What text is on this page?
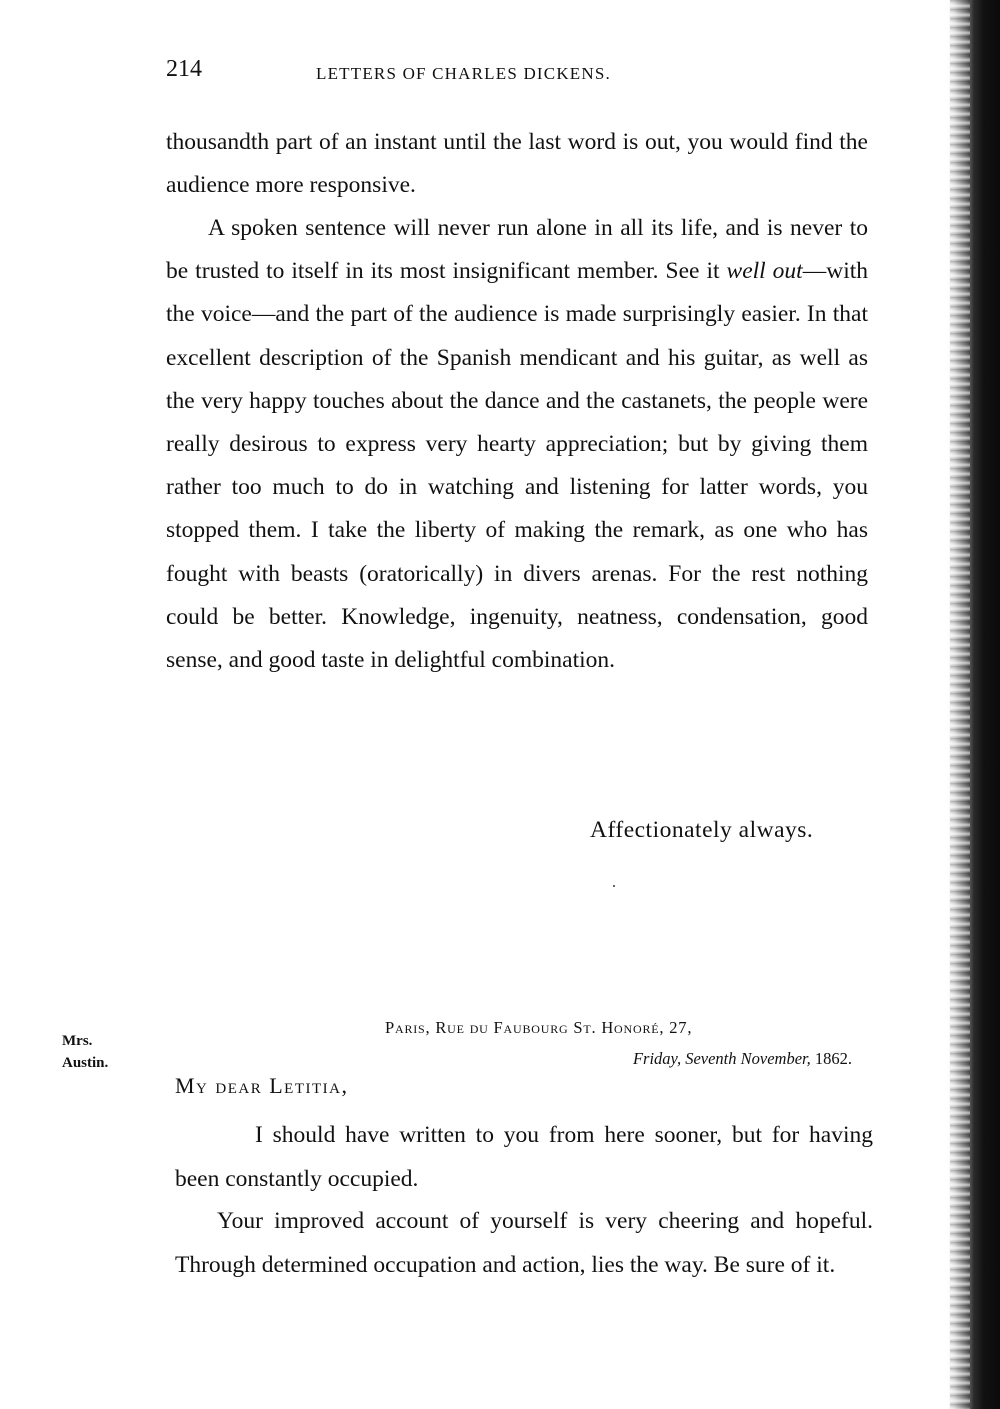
214	LETTERS OF CHARLES DICKENS.

thousandth part of an instant until the last word is out, you would find the audience more responsive.

A spoken sentence will never run alone in all its life, and is never to be trusted to itself in its most insignificant member. See it well out—with the voice—and the part of the audience is made surprisingly easier. In that excellent description of the Spanish mendicant and his guitar, as well as the very happy touches about the dance and the castanets, the people were really desirous to express very hearty appreciation; but by giving them rather too much to do in watching and listening for latter words, you stopped them. I take the liberty of making the remark, as one who has fought with beasts (oratorically) in divers arenas. For the rest nothing could be better. Knowledge, ingenuity, neatness, condensation, good sense, and good taste in delightful combination.

Affectionately always.
Mrs.
Austin.
Paris, Rue du Faubourg St. Honoré, 27,
Friday, Seventh November, 1862.
My dear Letitia,

I should have written to you from here sooner, but for having been constantly occupied.

Your improved account of yourself is very cheering and hopeful. Through determined occupation and action, lies the way. Be sure of it.
